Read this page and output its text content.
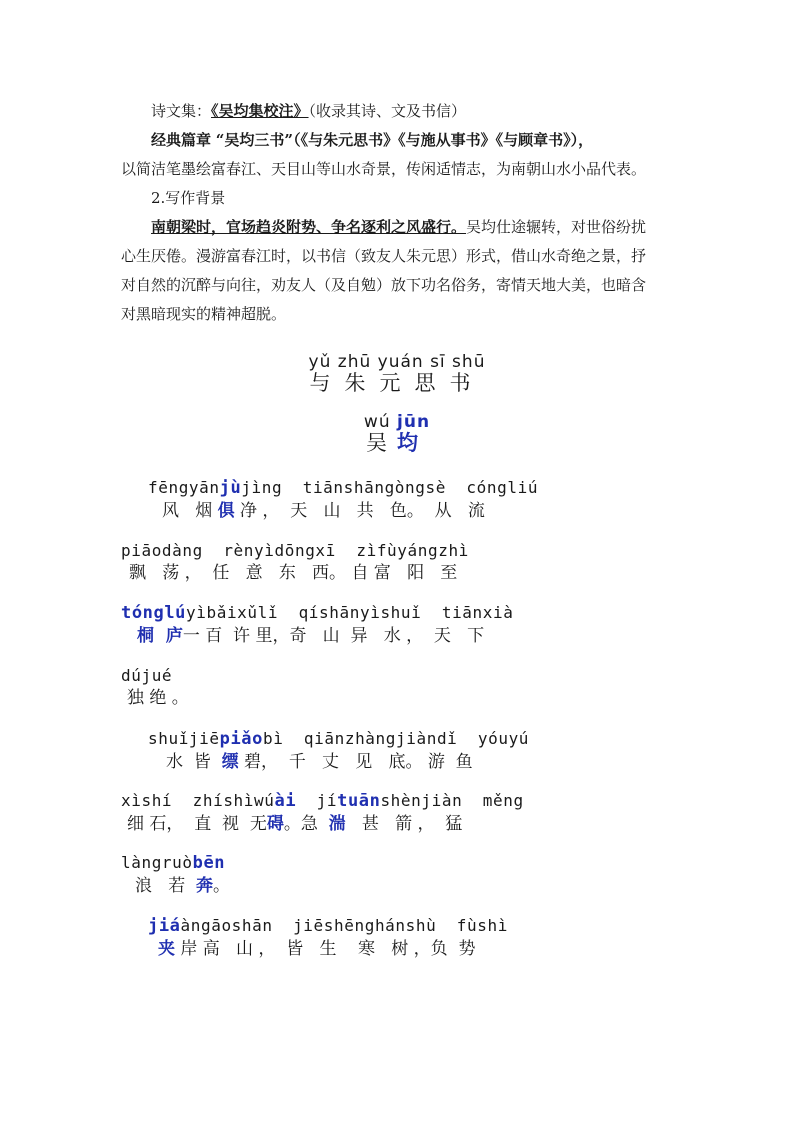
诗文集：《吴均集校注》（收录其诗、文及书信）

经典篇章 “吴均三书”（《与朱元思书》《与施从事书》《与顾章书》），

以简洁笔墨绘富春江、天目山等山水奇景，传闲适情志，为南朝山水小品代表。

2.写作背景

南朝梁时，官场趋炎附势、争名逐利之风盛行。吴均仕途辗转，对世俗纷扰

心生厌倦。漫游富春江时，以书信（致友人朱元思）形式，借山水奇绝之景，抒

对自然的沉醉与向往，劝友人（及自勉）放下功名俗务，寄情天地大美，也暗含

对黑暗现实的精神超脱。

yǔ zhū yuán sī shū
与朱元思书
wú jūn
吴均
fēngyānjùjìng  tiānshāngòngsè  cóngliú
风   烟 俱 净 ，  天   山   共   色。  从   流
piāodàng  rènyìdōngxī  zìfùyángzhì
飘   荡 ，  任   意   东   西。 自 富   阳   至
tónglúyìbǎixǔlǐ  qíshānyìshuǐ  tiānxià
桐  庐一 百  许 里，奇   山  异   水 ，  天   下
dújué
独 绝 。
shuǐjiēpiǎobì  qiānzhàngjiàndǐ  yóuyú
水  皆  缥 碧，  千   丈   见   底。 游  鱼
xìshí  zhíshìwúài  jítuānshènjiàn  měng
细 石，  直  视  无碍。急  湍   甚   箭 ，  猛
làngruòbēn
浪   若  奔。
jiáàngāoshān  jiēshēnghánshù  fùshì
夹 岸 高   山 ，  皆   生    寒   树 ，负  势
